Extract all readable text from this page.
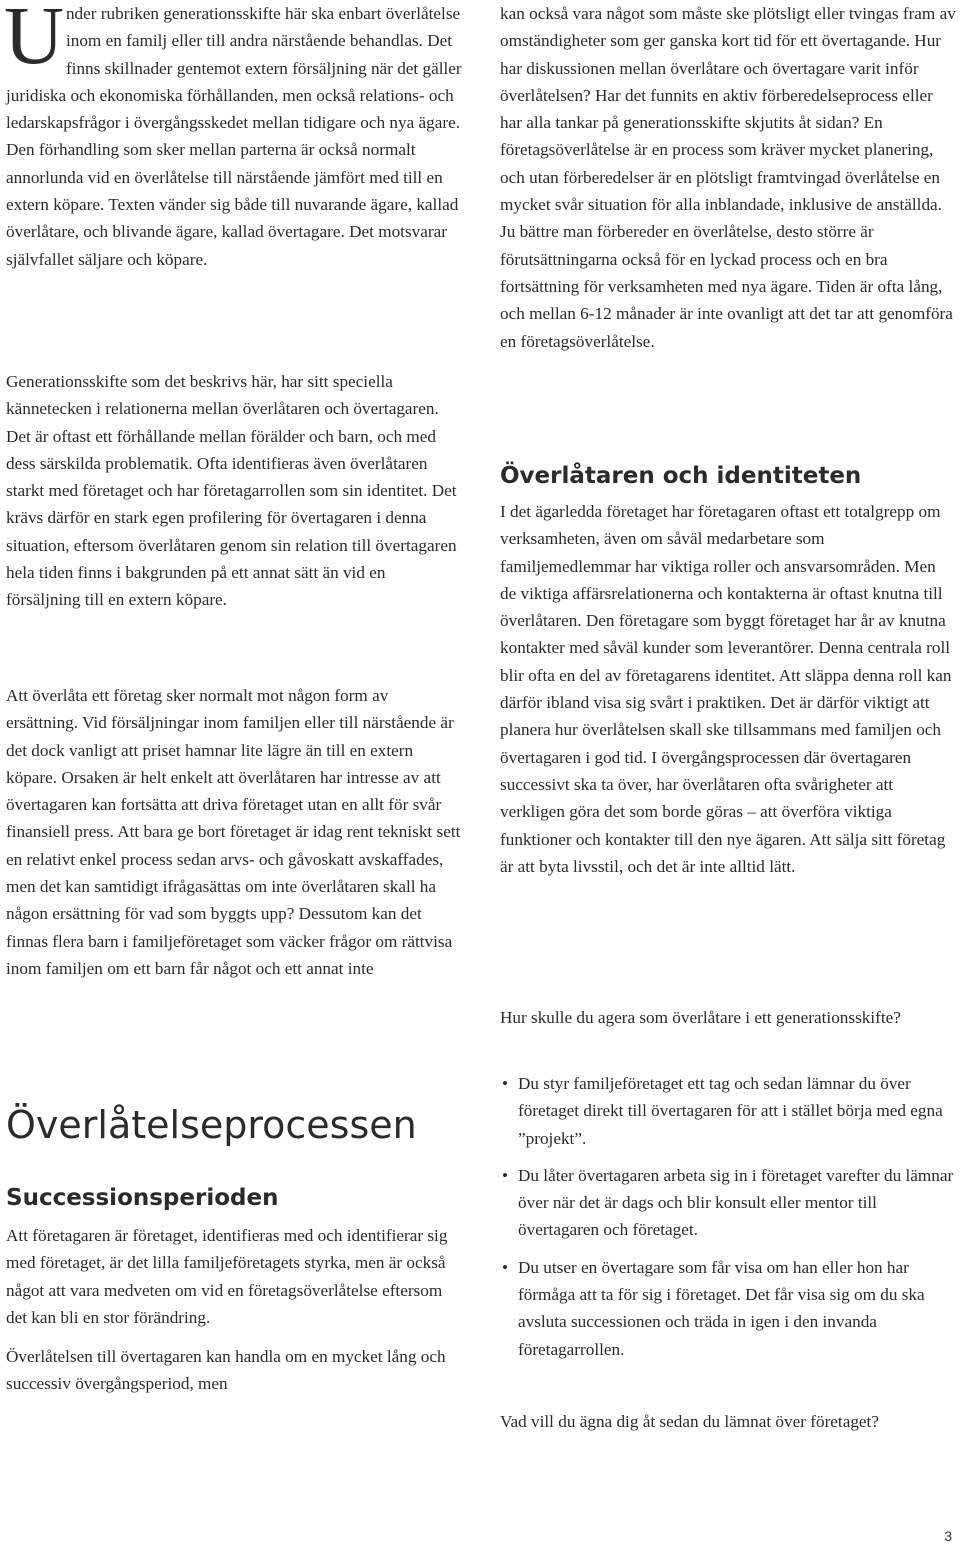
U nder rubriken generationsskifte här ska enbart överlåtelse inom en familj eller till andra närstående behandlas. Det finns skillnader gentemot extern försäljning när det gäller juridiska och ekonomiska förhållanden, men också relations- och ledarskapsfrågor i övergångsskedet mellan tidigare och nya ägare. Den förhandling som sker mellan parterna är också normalt annorlunda vid en överlåtelse till närstående jämfört med till en extern köpare. Texten vänder sig både till nuvarande ägare, kallad överlåtare, och blivande ägare, kallad övertagare. Det motsvarar självfallet säljare och köpare.

Generationsskifte som det beskrivs här, har sitt speciella kännetecken i relationerna mellan överlåtaren och övertagaren. Det är oftast ett förhållande mellan förälder och barn, och med dess särskilda problematik. Ofta identifieras även överlåtaren starkt med företaget och har företagarrollen som sin identitet. Det krävs därför en stark egen profilering för övertagaren i denna situation, eftersom överlåtaren genom sin relation till övertagaren hela tiden finns i bakgrunden på ett annat sätt än vid en försäljning till en extern köpare.

Att överlåta ett företag sker normalt mot någon form av ersättning. Vid försäljningar inom familjen eller till närstående är det dock vanligt att priset hamnar lite lägre än till en extern köpare. Orsaken är helt enkelt att överlåtaren har intresse av att övertagaren kan fortsätta att driva företaget utan en allt för svår finansiell press. Att bara ge bort företaget är idag rent tekniskt sett en relativt enkel process sedan arvs- och gåvoskatt avskaffades, men det kan samtidigt ifrågasättas om inte överlåtaren skall ha någon ersättning för vad som byggts upp? Dessutom kan det finnas flera barn i familjeföretaget som väcker frågor om rättvisa inom familjen om ett barn får något och ett annat inte

Överlåtelseprocessen
Successionsperioden

Att företagaren är företaget, identifieras med och identifierar sig med företaget, är det lilla familjeföretagets styrka, men är också något att vara medveten om vid en företagsöverlåtelse eftersom det kan bli en stor förändring.

Överlåtelsen till övertagaren kan handla om en mycket lång och successiv övergångsperiod, men

kan också vara något som måste ske plötsligt eller tvingas fram av omständigheter som ger ganska kort tid för ett övertagande. Hur har diskussionen mellan överlåtare och övertagare varit inför överlåtelsen? Har det funnits en aktiv förberedelseprocess eller har alla tankar på generationsskifte skjutits åt sidan? En företagsöverlåtelse är en process som kräver mycket planering, och utan förberedelser är en plötsligt framtvingad överlåtelse en mycket svår situation för alla inblandade, inklusive de anställda. Ju bättre man förbereder en överlåtelse, desto större är förutsättningarna också för en lyckad process och en bra fortsättning för verksamheten med nya ägare. Tiden är ofta lång, och mellan 6-12 månader är inte ovanligt att det tar att genomföra en företagsöverlåtelse.

Överlåtaren och identiteten

I det ägarledda företaget har företagaren oftast ett totalgrepp om verksamheten, även om såväl medarbetare som familjemedlemmar har viktiga roller och ansvarsområden. Men de viktiga affärsrelationerna och kontakterna är oftast knutna till överlåtaren. Den företagare som byggt företaget har år av knutna kontakter med såväl kunder som leverantörer. Denna centrala roll blir ofta en del av företagarens identitet. Att släppa denna roll kan därför ibland visa sig svårt i praktiken. Det är därför viktigt att planera hur överlåtelsen skall ske tillsammans med familjen och övertagaren i god tid. I övergångsprocessen där övertagaren successivt ska ta över, har överlåtaren ofta svårigheter att verkligen göra det som borde göras – att överföra viktiga funktioner och kontakter till den nye ägaren. Att sälja sitt företag är att byta livsstil, och det är inte alltid lätt.

Hur skulle du agera som överlåtare i ett generationsskifte?

• Du styr familjeföretaget ett tag och sedan lämnar du över företaget direkt till övertagaren för att i stället börja med egna ”projekt”.
• Du låter övertagaren arbeta sig in i företaget varefter du lämnar över när det är dags och blir konsult eller mentor till övertagaren och företaget.
• Du utser en övertagare som får visa om han eller hon har förmåga att ta för sig i företaget. Det får visa sig om du ska avsluta successionen och träda in igen i den invanda företagarrollen.

Vad vill du ägna dig åt sedan du lämnat över företaget?

3
